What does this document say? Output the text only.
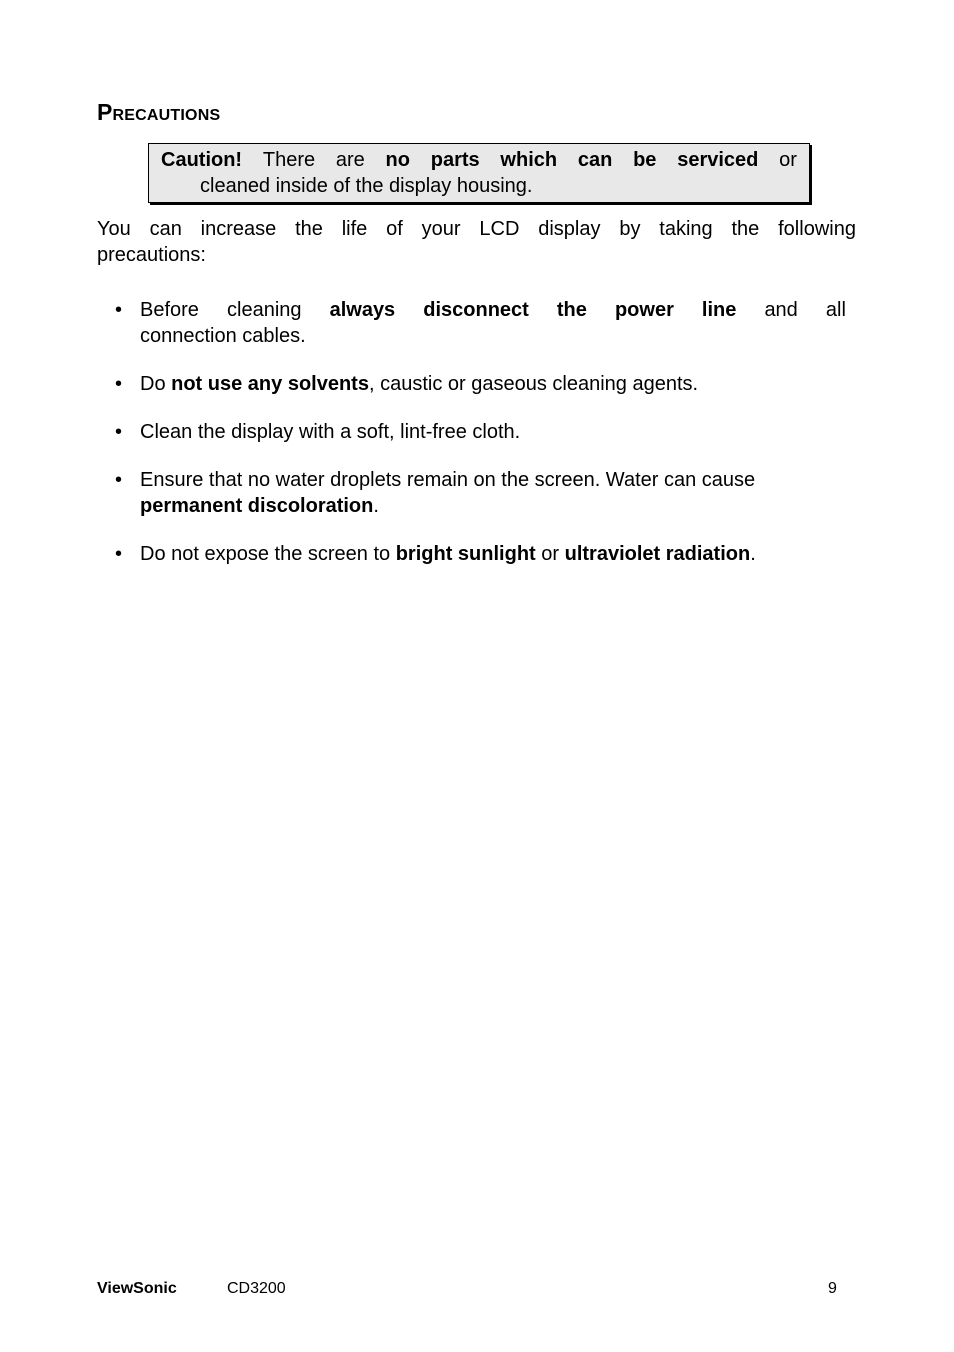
Precautions
Caution! There are no parts which can be serviced or
cleaned inside of the display housing.
You can increase the life of your LCD display by taking the following
precautions:
• Before cleaning always disconnect the power line and all
connection cables.
• Do not use any solvents, caustic or gaseous cleaning agents.
• Clean the display with a soft, lint-free cloth.
• Ensure that no water droplets remain on the screen. Water can cause permanent discoloration.
• Do not expose the screen to bright sunlight or ultraviolet radiation.
ViewSonic	CD3200	9
